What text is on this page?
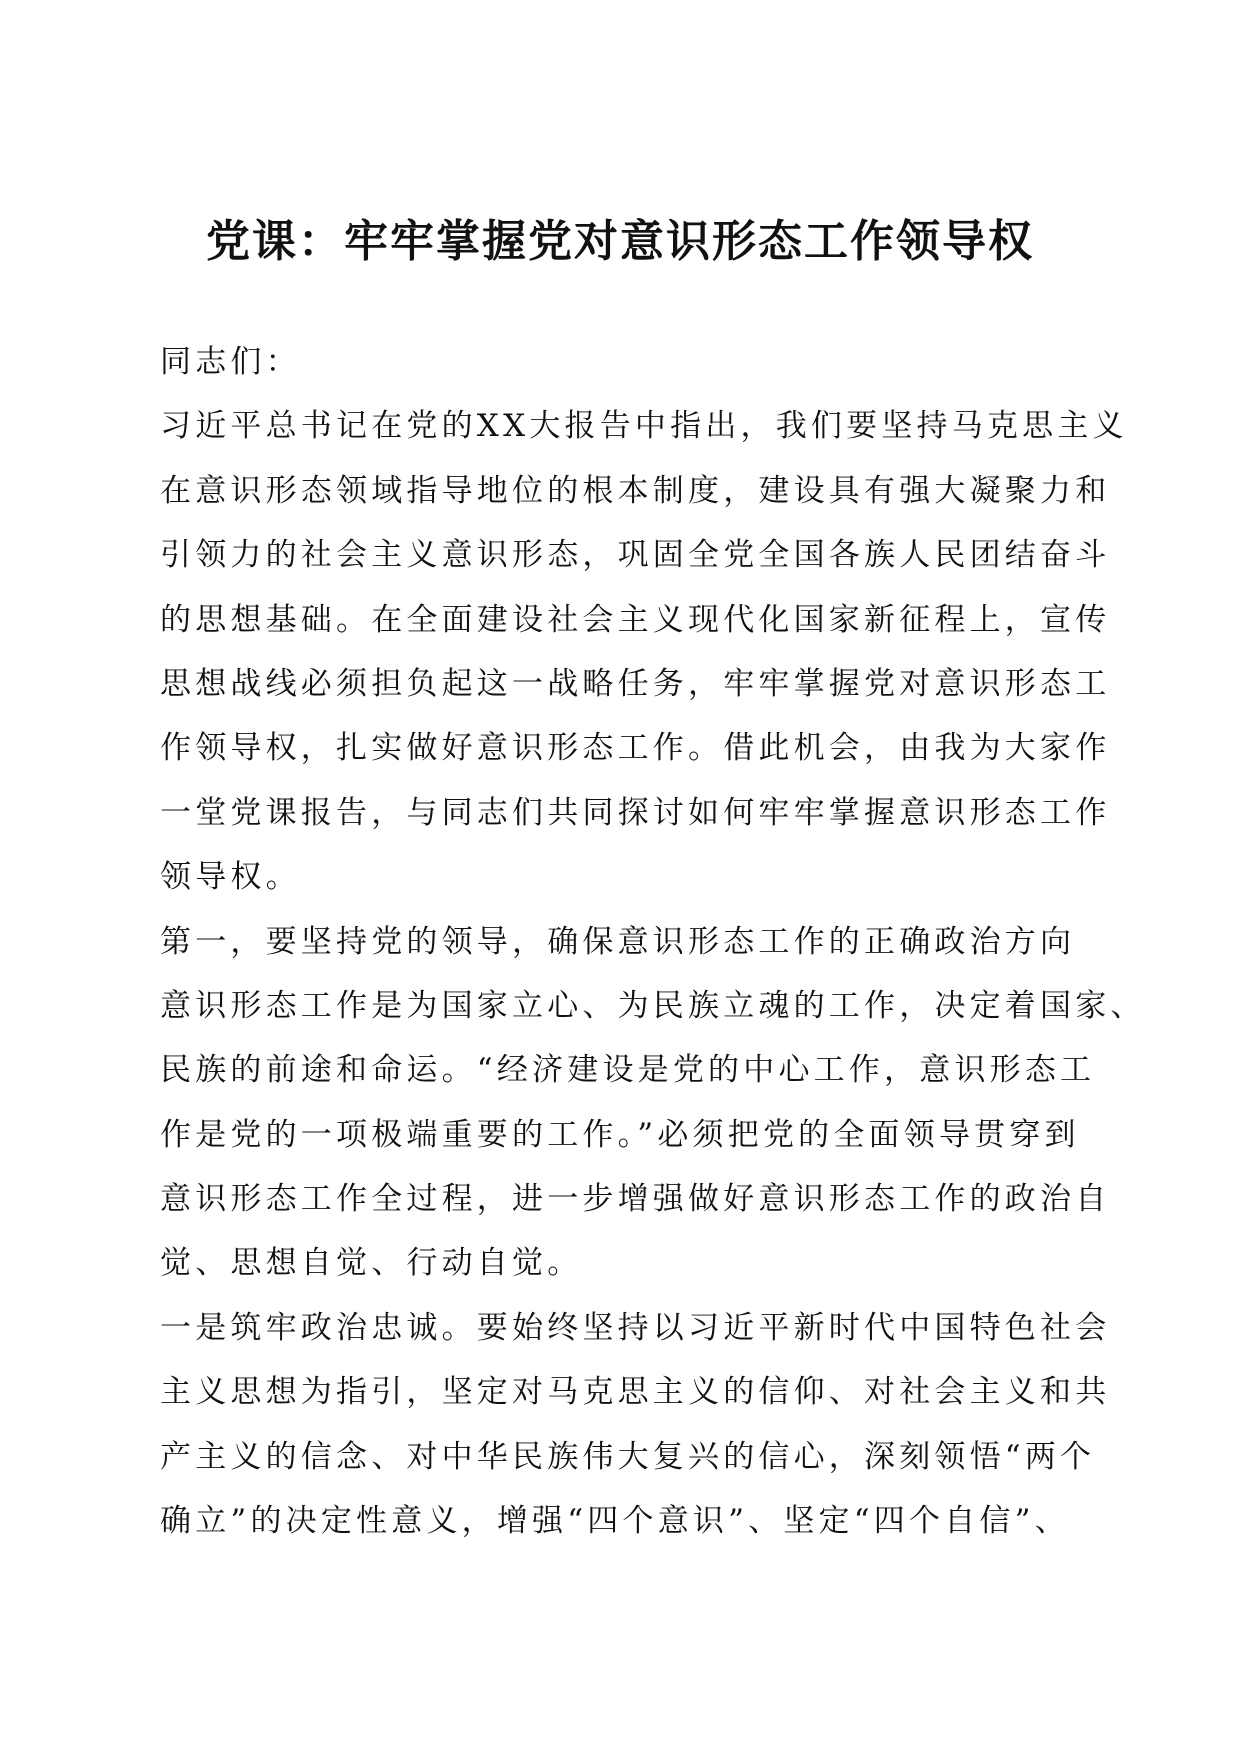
党课：牢牢掌握党对意识形态工作领导权
同志们：
习近平总书记在党的XX大报告中指出，我们要坚持马克思主义
在意识形态领域指导地位的根本制度，建设具有强大凝聚力和
引领力的社会主义意识形态，巩固全党全国各族人民团结奋斗
的思想基础。在全面建设社会主义现代化国家新征程上，宣传
思想战线必须担负起这一战略任务，牢牢掌握党对意识形态工
作领导权，扎实做好意识形态工作。借此机会，由我为大家作
一堂党课报告，与同志们共同探讨如何牢牢掌握意识形态工作
领导权。
第一，要坚持党的领导，确保意识形态工作的正确政治方向
意识形态工作是为国家立心、为民族立魂的工作，决定着国家、
民族的前途和命运。“经济建设是党的中心工作，意识形态工
作是党的一项极端重要的工作。”必须把党的全面领导贯穿到
意识形态工作全过程，进一步增强做好意识形态工作的政治自
觉、思想自觉、行动自觉。
一是筑牢政治忠诚。要始终坚持以习近平新时代中国特色社会
主义思想为指引，坚定对马克思主义的信仰、对社会主义和共
产主义的信念、对中华民族伟大复兴的信心，深刻领悟“两个
确立”的决定性意义，增强“四个意识”、坚定“四个自信”、
